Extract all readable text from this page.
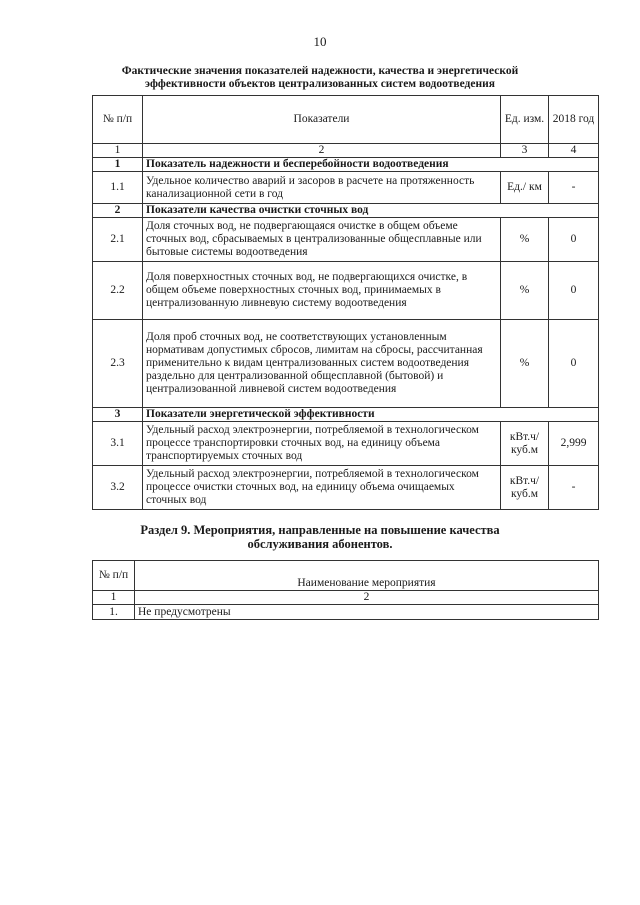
10
Фактические значения показателей надежности, качества и энергетической эффективности объектов централизованных систем водоотведения
№ п/п	Показатели	Ед. изм.	2018 год
1	2	3	4
1	Показатель надежности и бесперебойности водоотведения		
1.1	Удельное количество аварий и засоров в расчете на протяженность канализационной сети в год	Ед./ км	-
2	Показатели качества очистки сточных вод		
2.1	Доля сточных вод, не подвергающаяся очистке в общем объеме сточных вод, сбрасываемых в централизованные общесплавные или бытовые системы водоотведения	%	0
2.2	Доля поверхностных сточных вод, не подвергающихся очистке, в общем объеме поверхностных сточных вод, принимаемых в централизованную ливневую систему водоотведения	%	0
2.3	Доля проб сточных вод, не соответствующих установленным нормативам допустимых сбросов, лимитам на сбросы, рассчитанная применительно к видам централизованных систем водоотведения раздельно для централизованной общесплавной (бытовой) и централизованной ливневой систем водоотведения	%	0
3	Показатели энергетической эффективности		
3.1	Удельный расход электроэнергии, потребляемой в технологическом процессе транспортировки сточных вод, на единицу объема транспортируемых сточных вод	кВт.ч/ куб.м	2,999
3.2	Удельный расход электроэнергии, потребляемой в технологическом процессе очистки сточных вод, на единицу объема очищаемых сточных вод	кВт.ч/ куб.м	-
Раздел 9. Мероприятия, направленные на повышение качества обслуживания абонентов.
№ п/п	Наименование мероприятия
1	2
1.	Не предусмотрены
